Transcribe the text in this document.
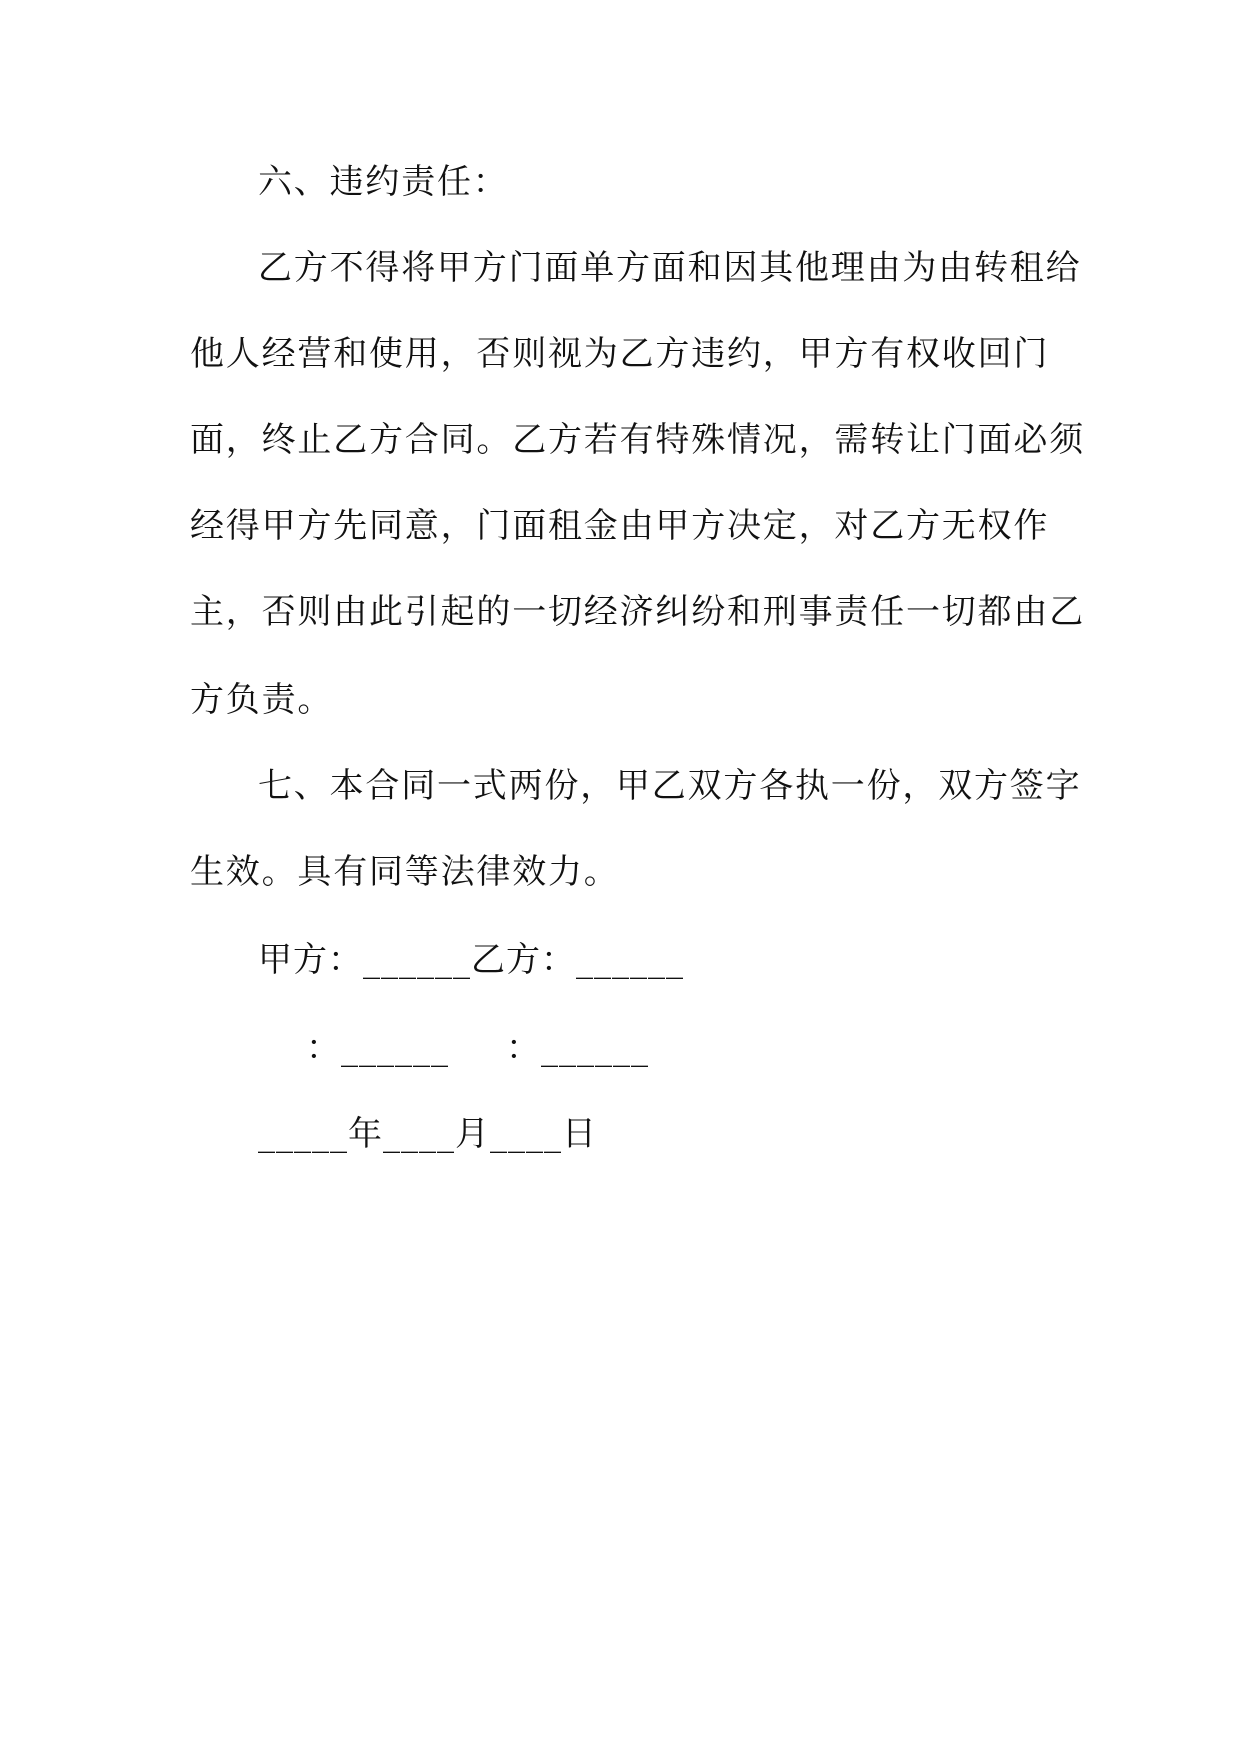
六、违约责任：
乙方不得将甲方门面单方面和因其他理由为由转租给
他人经营和使用，否则视为乙方违约，甲方有权收回门
面，终止乙方合同。乙方若有特殊情况，需转让门面必须
经得甲方先同意，门面租金由甲方决定，对乙方无权作
主，否则由此引起的一切经济纠纷和刑事责任一切都由乙
方负责。
七、本合同一式两份，甲乙双方各执一份，双方签字
生效。具有同等法律效力。
甲方：______乙方：______
：______ ：______
_____年____月____日
